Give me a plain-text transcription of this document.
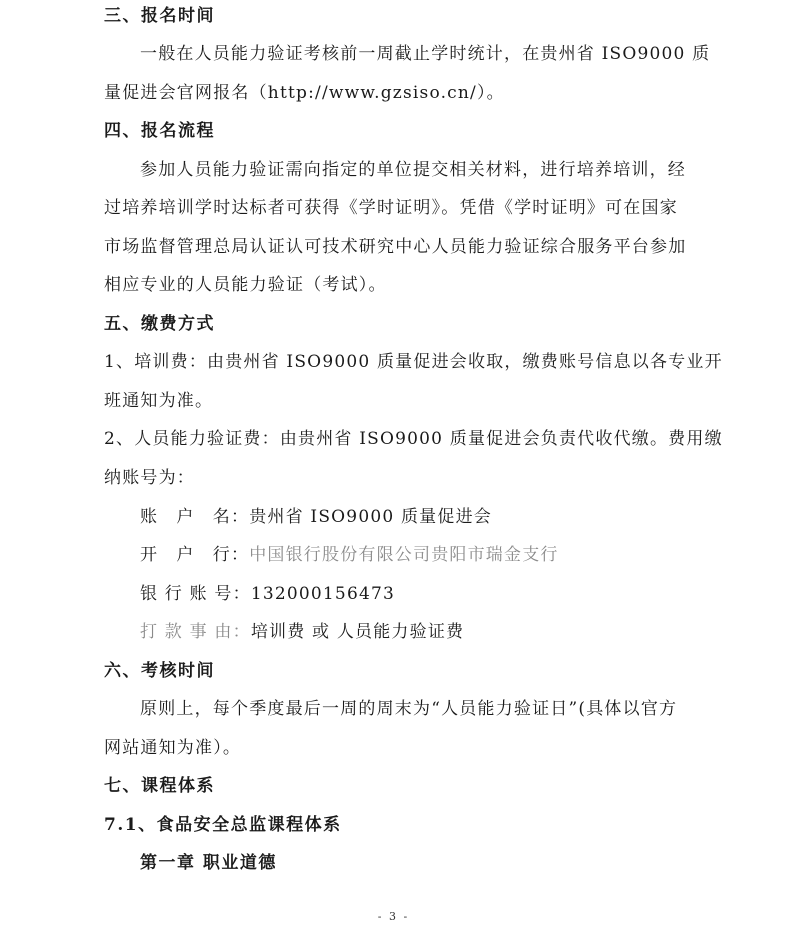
三、报名时间
一般在人员能力验证考核前一周截止学时统计，在贵州省 ISO9000 质
量促进会官网报名（http://www.gzsiso.cn/）。
四、报名流程
参加人员能力验证需向指定的单位提交相关材料，进行培养培训，经
过培养培训学时达标者可获得《学时证明》。凭借《学时证明》可在国家
市场监督管理总局认证认可技术研究中心人员能力验证综合服务平台参加
相应专业的人员能力验证（考试）。
五、缴费方式
1、培训费：由贵州省 ISO9000 质量促进会收取，缴费账号信息以各专业开
班通知为准。
2、人员能力验证费：由贵州省 ISO9000 质量促进会负责代收代缴。费用缴
纳账号为：
账　户　名：贵州省 ISO9000 质量促进会
开　户　行：中国银行股份有限公司贵阳市瑞金支行
银 行 账 号：132000156473
打 款 事 由：培训费 或 人员能力验证费
六、考核时间
原则上，每个季度最后一周的周末为“人员能力验证日”(具体以官方
网站通知为准）。
七、课程体系
7.1、食品安全总监课程体系
第一章 职业道德
- 3 -
